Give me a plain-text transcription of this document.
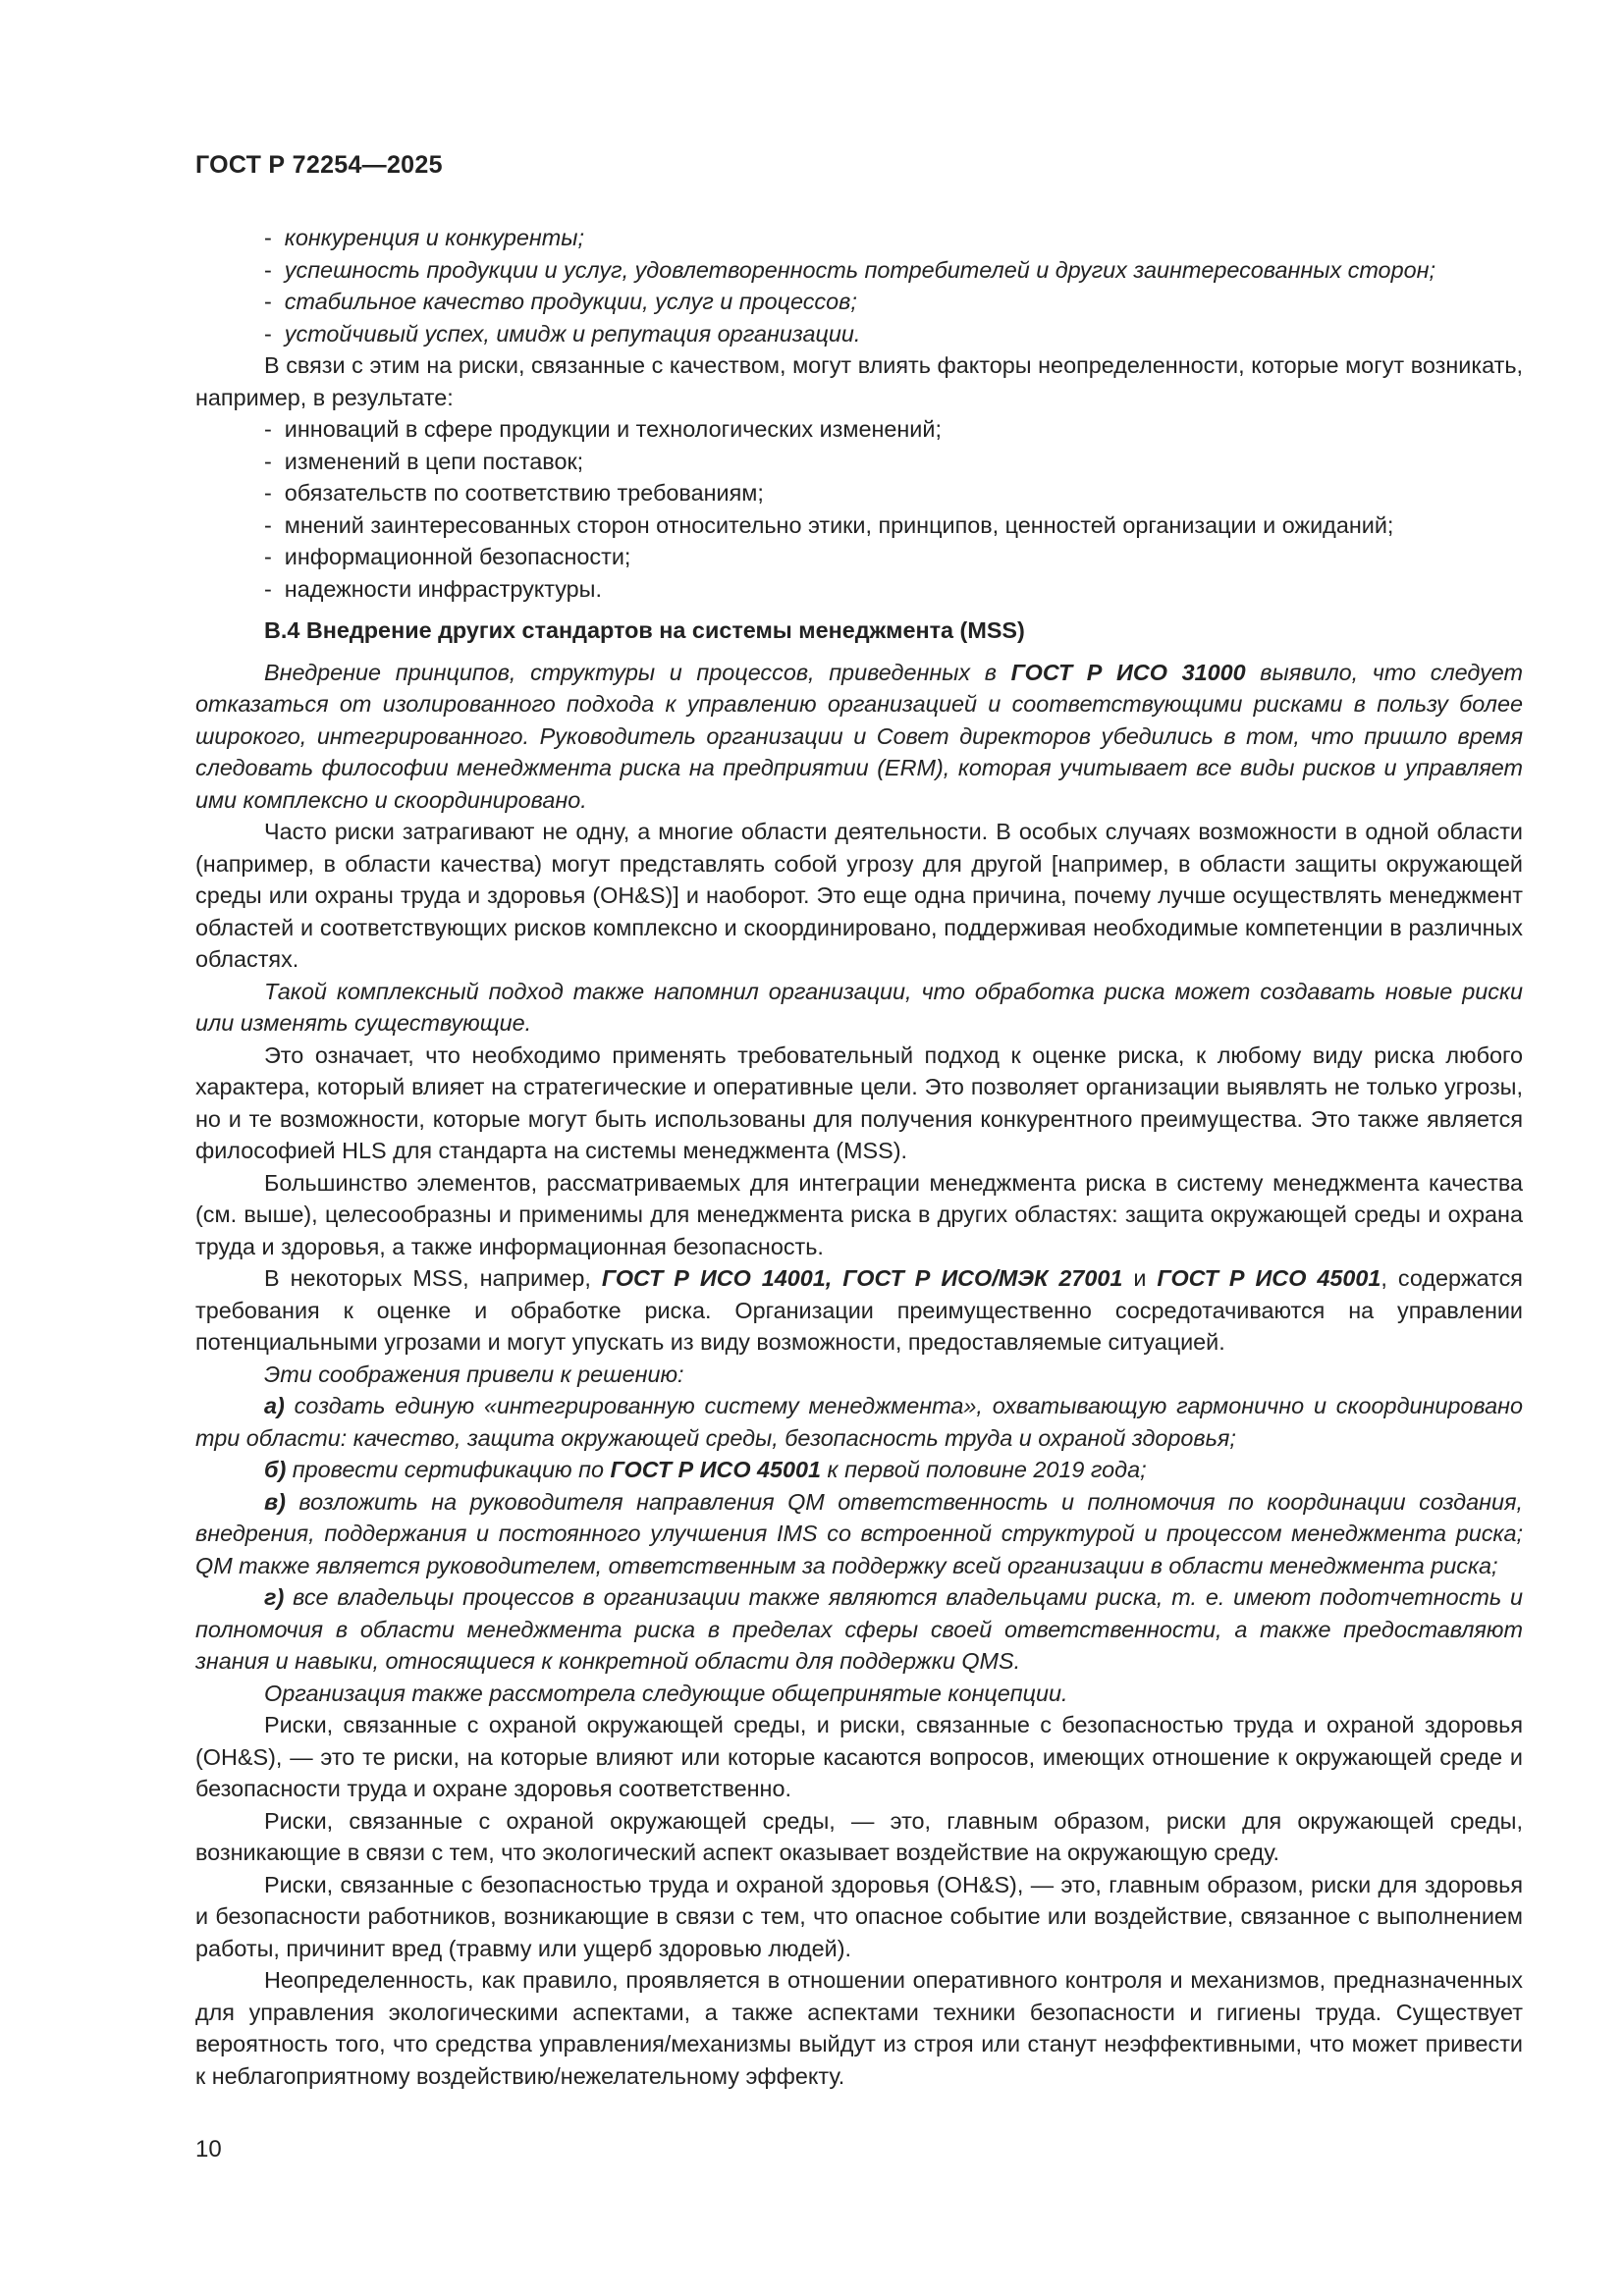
ГОСТ Р 72254—2025

-  конкуренция и конкуренты;

-  успешность продукции и услуг, удовлетворенность потребителей и других заинтересованных сторон;

-  стабильное качество продукции, услуг и процессов;

-  устойчивый успех, имидж и репутация организации.

В связи с этим на риски, связанные с качеством, могут влиять факторы неопределенности, которые могут возникать, например, в результате:

-  инноваций в сфере продукции и технологических изменений;

-  изменений в цепи поставок;

-  обязательств по соответствию требованиям;

-  мнений заинтересованных сторон относительно этики, принципов, ценностей организации и ожиданий;

-  информационной безопасности;

-  надежности инфраструктуры.

В.4 Внедрение других стандартов на системы менеджмента (MSS)

Внедрение принципов, структуры и процессов, приведенных в ГОСТ Р ИСО 31000 выявило, что следует отказаться от изолированного подхода к управлению организацией и соответствующими рисками в пользу более широкого, интегрированного. Руководитель организации и Совет директоров убедились в том, что пришло время следовать философии менеджмента риска на предприятии (ERM), которая учитывает все виды рисков и управляет ими комплексно и скоординировано.

Часто риски затрагивают не одну, а многие области деятельности. В особых случаях возможности в одной области (например, в области качества) могут представлять собой угрозу для другой [например, в области защиты окружающей среды или охраны труда и здоровья (OH&S)] и наоборот. Это еще одна причина, почему лучше осуществлять менеджмент областей и соответствующих рисков комплексно и скоординировано, поддерживая необходимые компетенции в различных областях.

Такой комплексный подход также напомнил организации, что обработка риска может создавать новые риски или изменять существующие.

Это означает, что необходимо применять требовательный подход к оценке риска, к любому виду риска любого характера, который влияет на стратегические и оперативные цели. Это позволяет организации выявлять не только угрозы, но и те возможности, которые могут быть использованы для получения конкурентного преимущества. Это также является философией HLS для стандарта на системы менеджмента (MSS).

Большинство элементов, рассматриваемых для интеграции менеджмента риска в систему менеджмента качества (см. выше), целесообразны и применимы для менеджмента риска в других областях: защита окружающей среды и охрана труда и здоровья, а также информационная безопасность.

В некоторых MSS, например, ГОСТ Р ИСО 14001, ГОСТ Р ИСО/МЭК 27001 и ГОСТ Р ИСО 45001, содержатся требования к оценке и обработке риска. Организации преимущественно сосредотачиваются на управлении потенциальными угрозами и могут упускать из виду возможности, предоставляемые ситуацией.

Эти соображения привели к решению:

а) создать единую «интегрированную систему менеджмента», охватывающую гармонично и скоординировано три области: качество, защита окружающей среды, безопасность труда и охраной здоровья;

б) провести сертификацию по ГОСТ Р ИСО 45001 к первой половине 2019 года;

в) возложить на руководителя направления QM ответственность и полномочия по координации создания, внедрения, поддержания и постоянного улучшения IMS со встроенной структурой и процессом менеджмента риска; QM также является руководителем, ответственным за поддержку всей организации в области менеджмента риска;

г) все владельцы процессов в организации также являются владельцами риска, т. е. имеют подотчетность и полномочия в области менеджмента риска в пределах сферы своей ответственности, а также предоставляют знания и навыки, относящиеся к конкретной области для поддержки QMS.

Организация также рассмотрела следующие общепринятые концепции.

Риски, связанные с охраной окружающей среды, и риски, связанные с безопасностью труда и охраной здоровья (OH&S), — это те риски, на которые влияют или которые касаются вопросов, имеющих отношение к окружающей среде и безопасности труда и охране здоровья соответственно.

Риски, связанные с охраной окружающей среды, — это, главным образом, риски для окружающей среды, возникающие в связи с тем, что экологический аспект оказывает воздействие на окружающую среду.

Риски, связанные с безопасностью труда и охраной здоровья (OH&S), — это, главным образом, риски для здоровья и безопасности работников, возникающие в связи с тем, что опасное событие или воздействие, связанное с выполнением работы, причинит вред (травму или ущерб здоровью людей).

Неопределенность, как правило, проявляется в отношении оперативного контроля и механизмов, предназначенных для управления экологическими аспектами, а также аспектами техники безопасности и гигиены труда. Существует вероятность того, что средства управления/механизмы выйдут из строя или станут неэффективными, что может привести к неблагоприятному воздействию/нежелательному эффекту.

10
